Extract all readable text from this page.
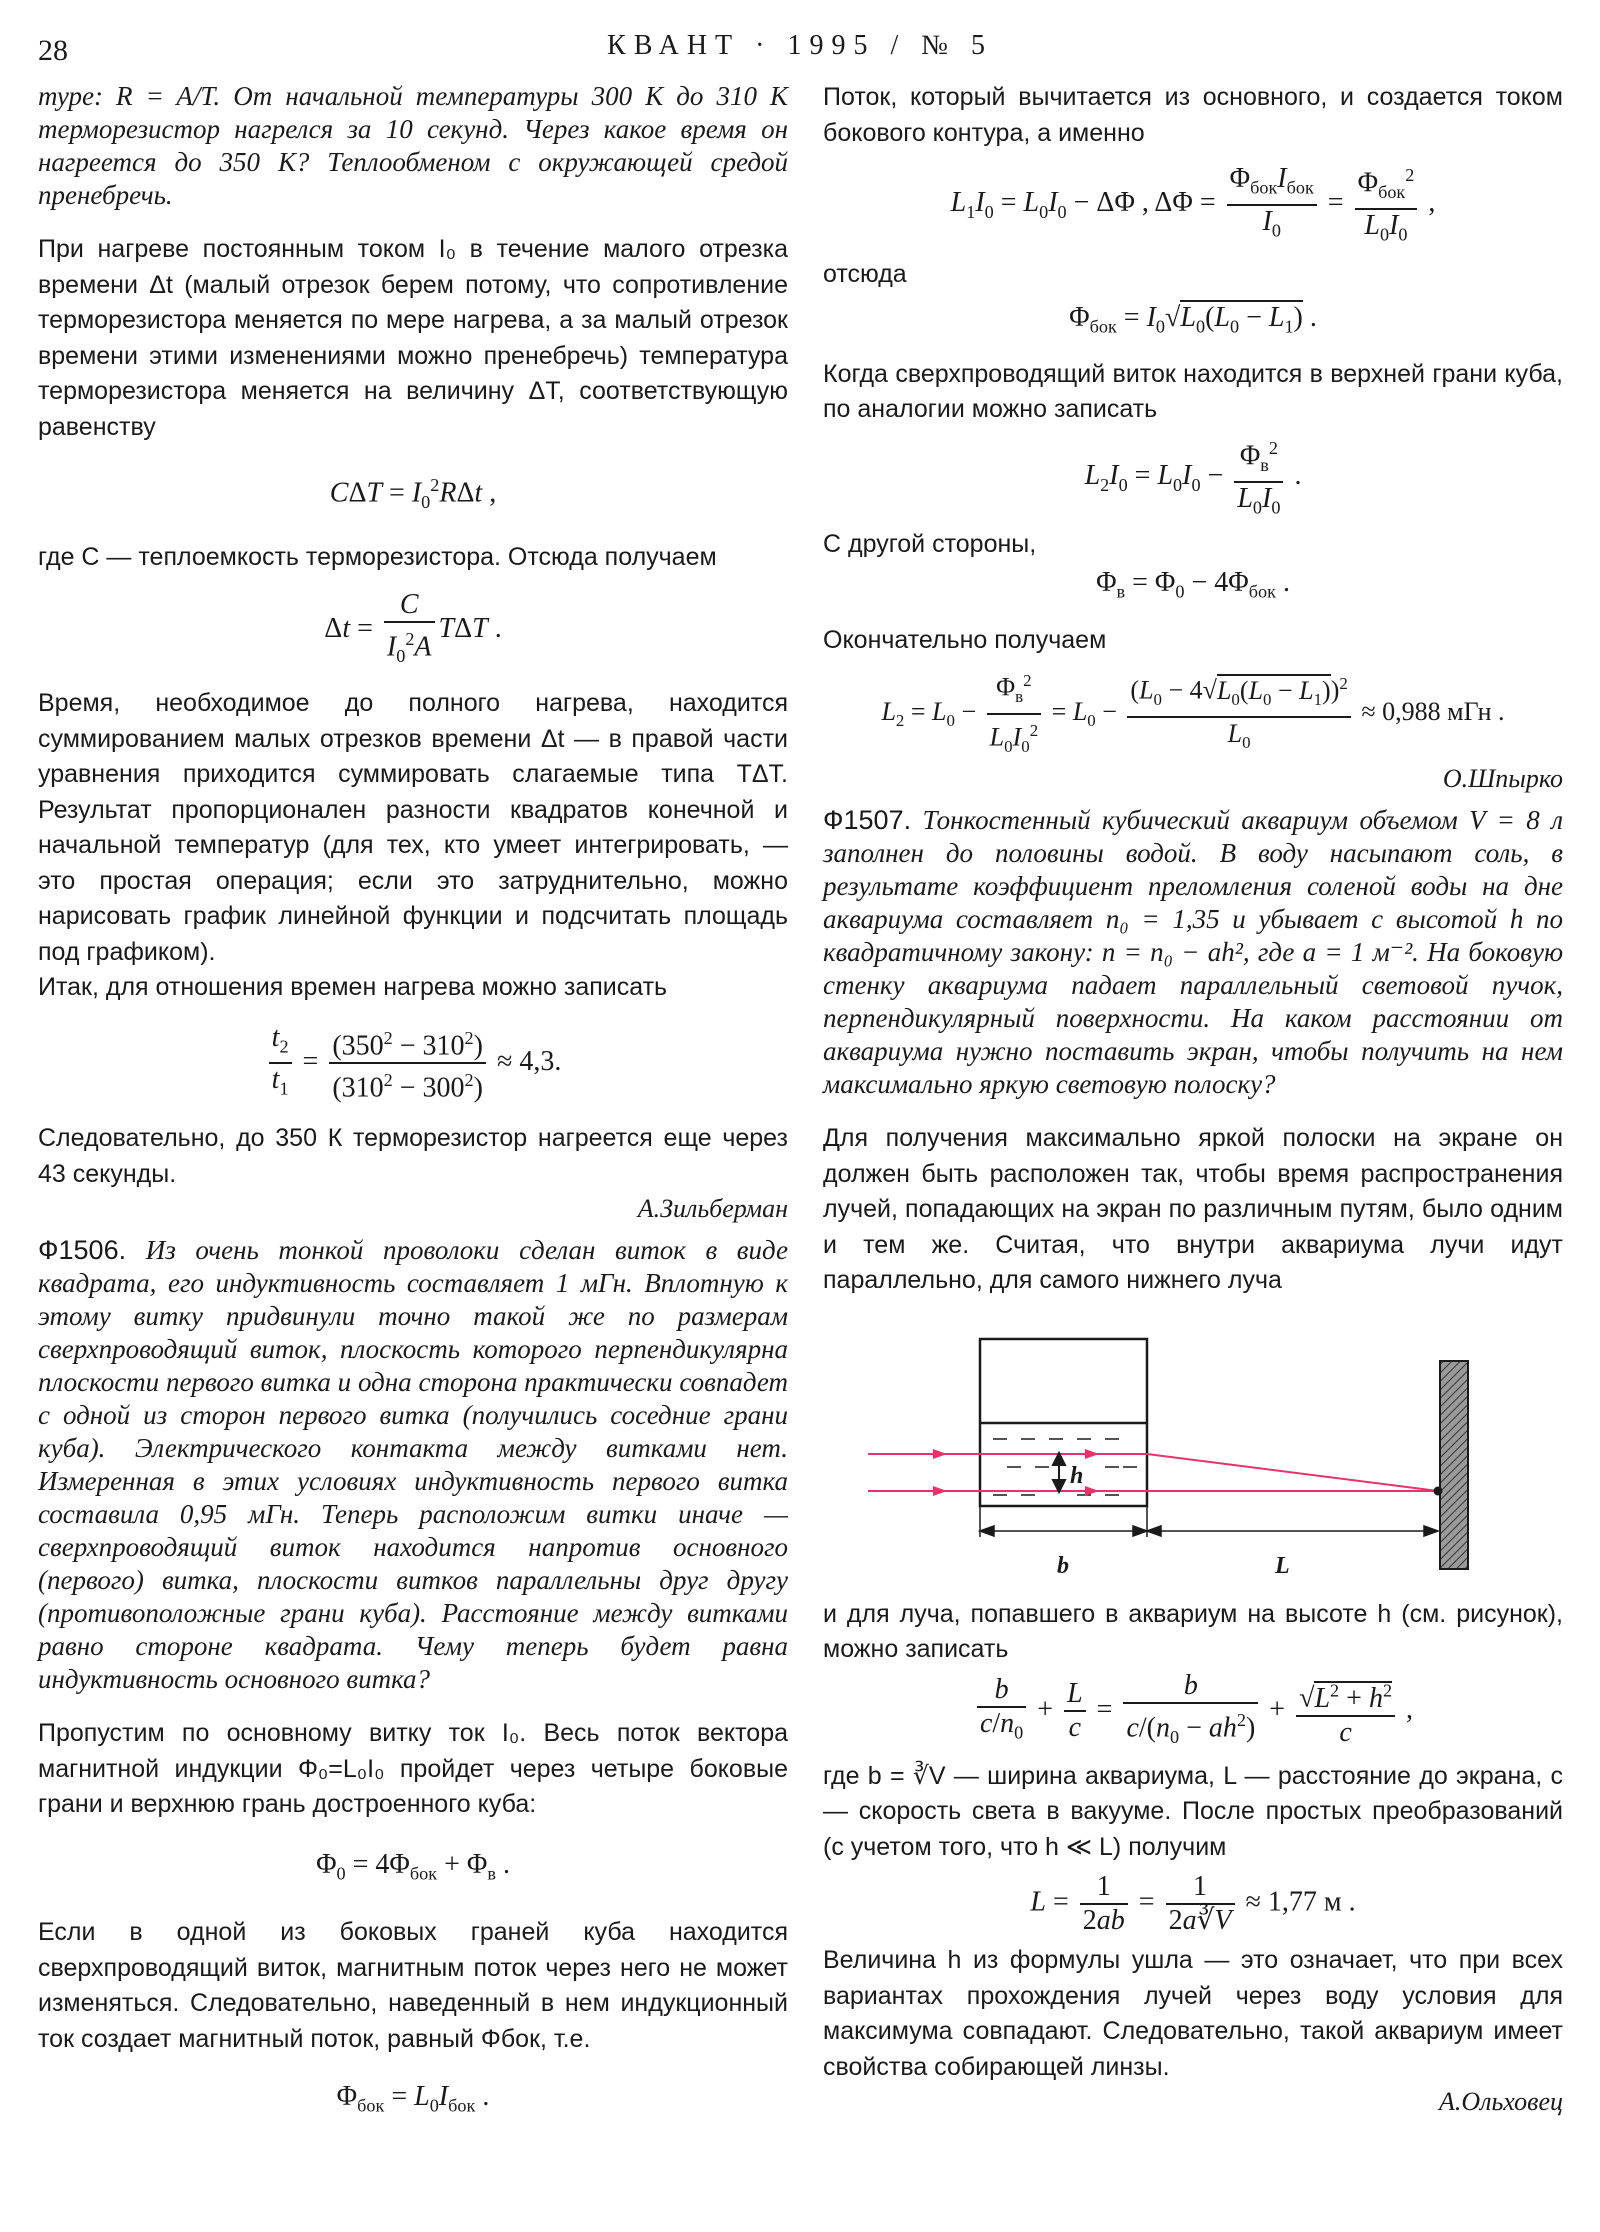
28	КВАНТ · 1995 / № 5

туре: R = A/T. От начальной температуры 300 К до 310 К терморезистор нагрелся за 10 секунд. Через какое время он нагреется до 350 К? Теплообменом с окружающей средой пренебречь.

При нагреве постоянным током I₀ в течение малого отрезка времени Δt (малый отрезок берем потому, что сопротивление терморезистора меняется по мере нагрева, а за малый отрезок времени этими изменениями можно пренебречь) температура терморезистора меняется на величину ΔT, соответствующую равенству

$C\Delta T = I_0^2R\Delta t$ ,

где C — теплоемкость терморезистора. Отсюда получаем

$\Delta t = \frac{C}{I_0^2A}$ TΔT .

Время, необходимое до полного нагрева, находится суммированием малых отрезков времени Δt — в правой части уравнения приходится суммировать слагаемые типа TΔT. Результат пропорционален разности квадратов конечной и начальной температур (для тех, кто умеет интегрировать, — это простая операция; если это затруднительно, можно нарисовать график линейной функции и подсчитать площадь под графиком).

Итак, для отношения времен нагрева можно записать

$\frac{t_2}{t_1} = \frac{(350^2 - 310^2)}{(310^2 - 300^2)} \approx 4,3$.

Следовательно, до 350 К терморезистор нагреется еще через 43 секунды.

А.Зильберман

Ф1506. Из очень тонкой проволоки сделан виток в виде квадрата, его индуктивность составляет 1 мГн. Вплотную к этому витку придвинули точно такой же по размерам сверхпроводящий виток, плоскость которого перпендикулярна плоскости первого витка и одна сторона практически совпадет с одной из сторон первого витка (получились соседние грани куба). Электрического контакта между витками нет. Измеренная в этих условиях индуктивность первого витка составила 0,95 мГн. Теперь расположим витки иначе — сверхпроводящий виток находится напротив основного (первого) витка, плоскости витков параллельны друг другу (противоположные грани куба). Расстояние между витками равно стороне квадрата. Чему теперь будет равна индуктивность основного витка?

Пропустим по основному витку ток I₀. Весь поток вектора магнитной индукции Φ₀=L₀I₀ пройдет через четыре боковые грани и верхнюю грань достроенного куба:

$\Phi_0 = 4\Phi_{бок} + \Phi_в$ .

Если в одной из боковых граней куба находится сверхпроводящий виток, магнитным поток через него не может изменяться. Следовательно, наведенный в нем индукционный ток создает магнитный поток, равный Φбок, т.е.

$\Phi_{бок} = L_0I_{бок}$ .

Поток, который вычитается из основного, и создается током бокового контура, а именно

$L_1I_0 = L_0I_0 - \Delta\Phi$ , $\Delta\Phi = \frac{\Phi_{бок}I_{бок}}{I_0} = \frac{\Phi_{бок}^2}{L_0I_0}$ ,

отсюда

$\Phi_{бок} = I_0√L_0(L_0 - L_1)$ .

Когда сверхпроводящий виток находится в верхней грани куба, по аналогии можно записать

$L_2I_0 = L_0I_0 - \frac{\Phi_в^2}{L_0I_0}$ .

С другой стороны,

$\Phi_в = \Phi_0 - 4\Phi_{бок}$ .

Окончательно получаем

$L_2 = L_0 - \frac{\Phi_в^2}{L_0I_0^2} = L_0 - \frac{(L_0 - 4√L_0(L_0 - L_1))^2}{L_0} \approx 0,988$ мГн .

О.Шпырко

Ф1507. Тонкостенный кубический аквариум объемом V = 8 л заполнен до половины водой. В воду насыпают соль, в результате коэффициент преломления соленой воды на дне аквариума составляет n₀ = 1,35 и убывает с высотой h по квадратичному закону: n = n₀ − ah², где a = 1 м⁻². На боковую стенку аквариума падает параллельный световой пучок, перпендикулярный поверхности. На каком расстоянии от аквариума нужно поставить экран, чтобы получить на нем максимально яркую световую полоску?

Для получения максимально яркой полоски на экране он должен быть расположен так, чтобы время распространения лучей, попадающих на экран по различным путям, было одним и тем же. Считая, что внутри аквариума лучи идут параллельно, для самого нижнего луча

h
b	L

и для луча, попавшего в аквариум на высоте h (см. рисунок), можно записать

$\frac{b}{c/n_0} + \frac{L}{c} = \frac{b}{c/(n_0 - ah^2)} + \frac{√L^2 + h^2}{c}$ ,

где b = ∛V — ширина аквариума, L — расстояние до экрана, c — скорость света в вакууме. После простых преобразований (с учетом того, что h ≪ L) получим

$L = \frac{1}{2ab} = \frac{1}{2a∛V} \approx 1,77$ м .

Величина h из формулы ушла — это означает, что при всех вариантах прохождения лучей через воду условия для максимума совпадают. Следовательно, такой аквариум имеет свойства собирающей линзы.

А.Ольховец
